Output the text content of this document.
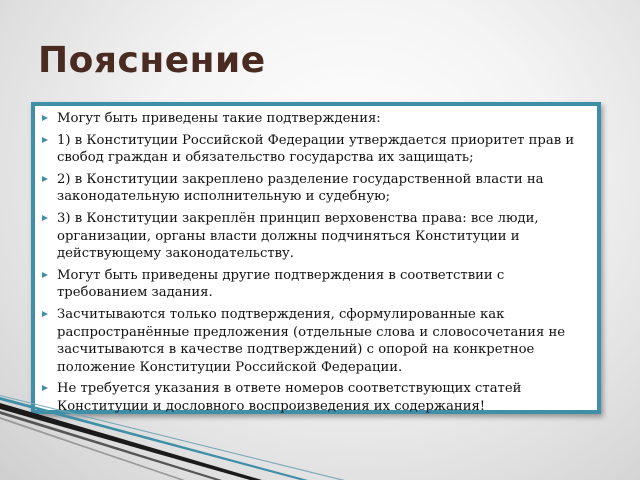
Пояснение
Могут быть приведены такие подтверждения:
1) в Конституции Российской Федерации утверждается приоритет прав и свобод граждан и обязательство государства их защищать;
2) в Конституции закреплено разделение государственной власти на законодательную исполнительную и судебную;
3) в Конституции закреплён принцип верховенства права: все люди, организации, органы власти должны подчиняться Конституции и действующему законодательству.
Могут быть приведены другие подтверждения в соответствии с требованием задания.
Засчитываются только подтверждения, сформулированные как распространённые предложения (отдельные слова и словосочетания не засчитываются в качестве подтверждений) с опорой на конкретное положение Конституции Российской Федерации.
Не требуется указания в ответе номеров соответствующих статей Конституции и дословного воспроизведения их содержания!
